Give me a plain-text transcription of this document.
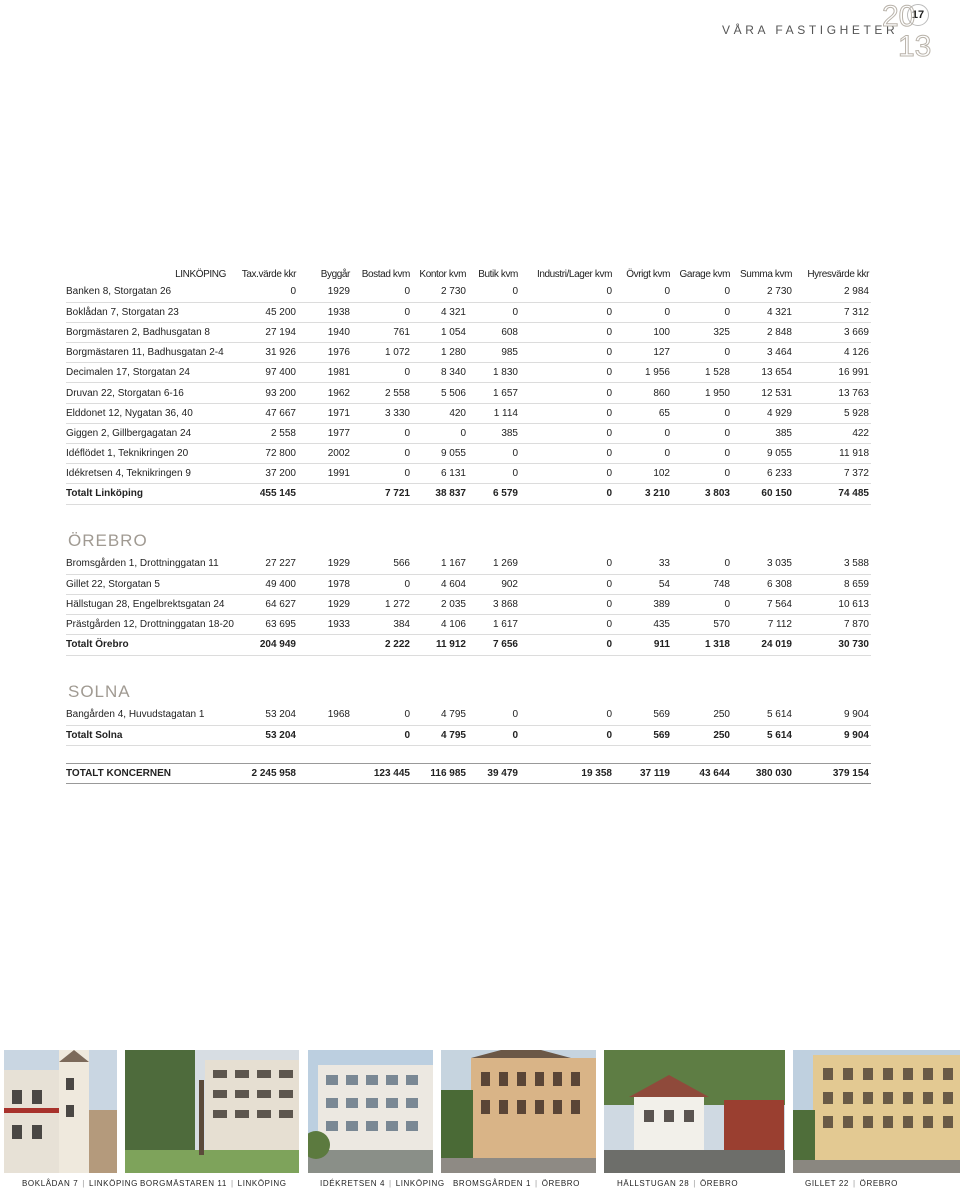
17
VÅRA FASTIGHETER
20
13
LINKÖPING	Tax.värde kkr	Byggår	Bostad kvm	Kontor kvm	Butik kvm	Industri/Lager kvm	Övrigt kvm	Garage kvm	Summa kvm	Hyresvärde kkr
Banken 8, Storgatan 26	0	1929	0	2 730	0	0	0	0	2 730	2 984
Boklådan 7, Storgatan 23	45 200	1938	0	4 321	0	0	0	0	4 321	7 312
Borgmästaren 2, Badhusgatan 8	27 194	1940	761	1 054	608	0	100	325	2 848	3 669
Borgmästaren 11, Badhusgatan 2-4	31 926	1976	1 072	1 280	985	0	127	0	3 464	4 126
Decimalen 17, Storgatan 24	97 400	1981	0	8 340	1 830	0	1 956	1 528	13 654	16 991
Druvan 22, Storgatan 6-16	93 200	1962	2 558	5 506	1 657	0	860	1 950	12 531	13 763
Elddonet 12, Nygatan 36, 40	47 667	1971	3 330	420	1 114	0	65	0	4 929	5 928
Giggen 2, Gillbergagatan 24	2 558	1977	0	0	385	0	0	0	385	422
Idéflödet 1, Teknikringen 20	72 800	2002	0	9 055	0	0	0	0	9 055	11 918
Idékretsen 4, Teknikringen 9	37 200	1991	0	6 131	0	0	102	0	6 233	7 372
Totalt Linköping	455 145		7 721	38 837	6 579	0	3 210	3 803	60 150	74 485

ÖREBRO										
Bromsgården 1, Drottninggatan 11	27 227	1929	566	1 167	1 269	0	33	0	3 035	3 588
Gillet 22, Storgatan 5	49 400	1978	0	4 604	902	0	54	748	6 308	8 659
Hällstugan 28, Engelbrektsgatan 24	64 627	1929	1 272	2 035	3 868	0	389	0	7 564	10 613
Prästgården 12, Drottninggatan 18-20	63 695	1933	384	4 106	1 617	0	435	570	7 112	7 870
Totalt Örebro	204 949		2 222	11 912	7 656	0	911	1 318	24 019	30 730

SOLNA										
Bangården 4, Huvudstagatan 1	53 204	1968	0	4 795	0	0	569	250	5 614	9 904
Totalt Solna	53 204		0	4 795	0	0	569	250	5 614	9 904

TOTALT KONCERNEN	2 245 958		123 445	116 985	39 479	19 358	37 119	43 644	380 030	379 154
BOKLÅDAN 7 | LINKÖPING BORGMÄSTAREN 11 | LINKÖPING	IDÉKRETSEN 4 | LINKÖPING BROMSGÅRDEN 1 | ÖREBRO	HÄLLSTUGAN 28 | ÖREBRO	GILLET 22 | ÖREBRO
